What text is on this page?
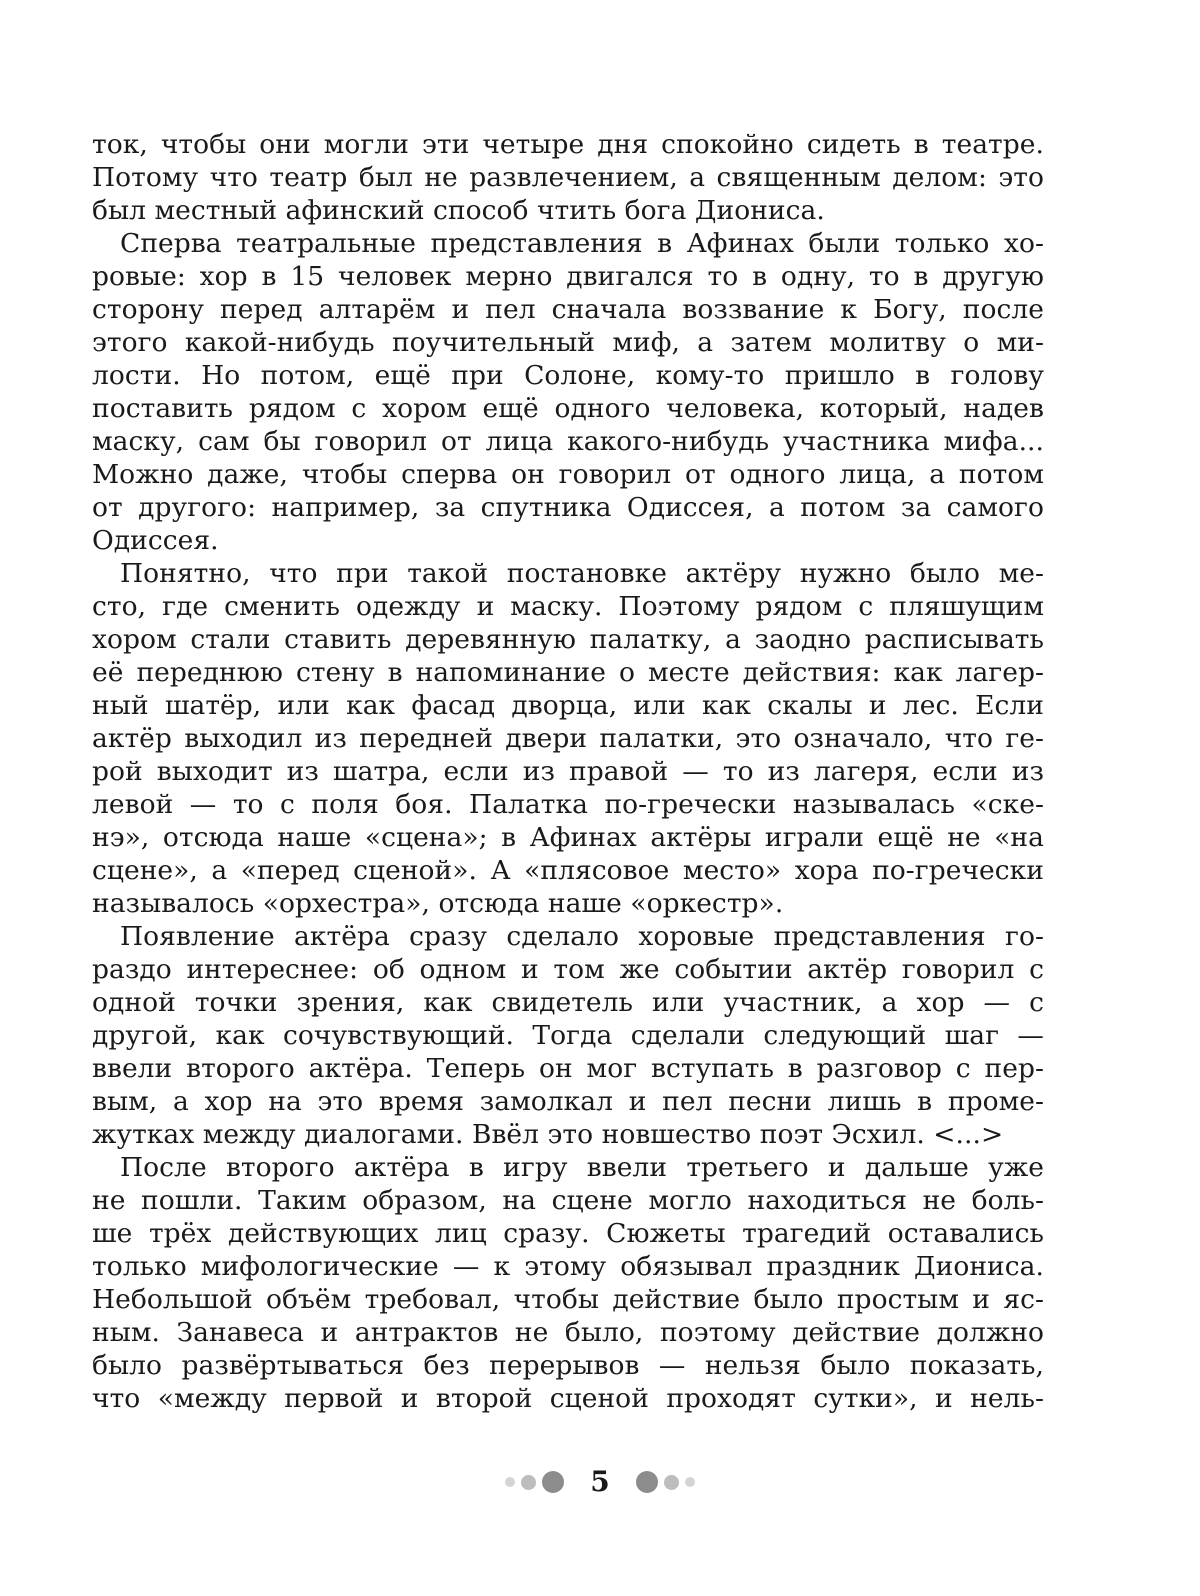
ток, чтобы они могли эти четыре дня спокойно сидеть в театре.
Потому что театр был не развлечением, а священным делом: это
был местный афинский способ чтить бога Диониса.
Сперва театральные представления в Афинах были только хо-
ровые: хор в 15 человек мерно двигался то в одну, то в другую
сторону перед алтарём и пел сначала воззвание к Богу, после
этого какой-нибудь поучительный миф, а затем молитву о ми-
лости. Но потом, ещё при Солоне, кому-то пришло в голову
поставить рядом с хором ещё одного человека, который, надев
маску, сам бы говорил от лица какого-нибудь участника мифа...
Можно даже, чтобы сперва он говорил от одного лица, а потом
от другого: например, за спутника Одиссея, а потом за самого
Одиссея.
Понятно, что при такой постановке актёру нужно было ме-
сто, где сменить одежду и маску. Поэтому рядом с пляшущим
хором стали ставить деревянную палатку, а заодно расписывать
её переднюю стену в напоминание о месте действия: как лагер-
ный шатёр, или как фасад дворца, или как скалы и лес. Если
актёр выходил из передней двери палатки, это означало, что ге-
рой выходит из шатра, если из правой — то из лагеря, если из
левой — то с поля боя. Палатка по-гречески называлась «ске-
нэ», отсюда наше «сцена»; в Афинах актёры играли ещё не «на
сцене», а «перед сценой». А «плясовое место» хора по-гречески
называлось «орхестра», отсюда наше «оркестр».
Появление актёра сразу сделало хоровые представления го-
раздо интереснее: об одном и том же событии актёр говорил с
одной точки зрения, как свидетель или участник, а хор — с
другой, как сочувствующий. Тогда сделали следующий шаг —
ввели второго актёра. Теперь он мог вступать в разговор с пер-
вым, а хор на это время замолкал и пел песни лишь в проме-
жутках между диалогами. Ввёл это новшество поэт Эсхил. <...>
После второго актёра в игру ввели третьего и дальше уже
не пошли. Таким образом, на сцене могло находиться не боль-
ше трёх действующих лиц сразу. Сюжеты трагедий оставались
только мифологические — к этому обязывал праздник Диониса.
Небольшой объём требовал, чтобы действие было простым и яс-
ным. Занавеса и антрактов не было, поэтому действие должно
было развёртываться без перерывов — нельзя было показать,
что «между первой и второй сценой проходят сутки», и нель-
5
